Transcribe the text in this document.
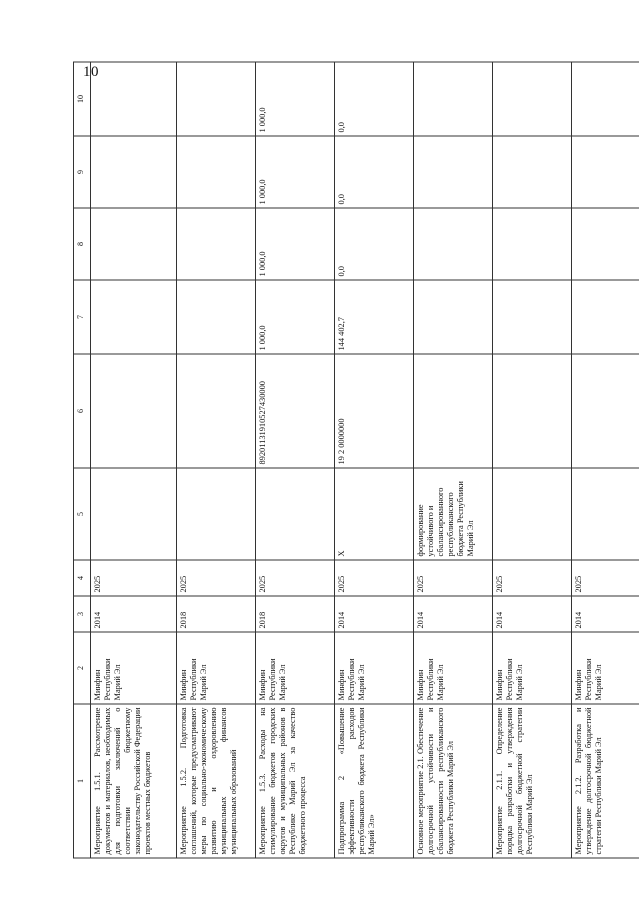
10
1	2	3	4	5	6	7	8	9	10
Мероприятие 1.5.1. Рассмотрение документов и материалов, необходимых для подготовки заключений о соответствии бюджетному законодательству Российской Федерации проектов местных бюджетов	Минфин Республики Марий Эл	2014	2025						
Мероприятие 1.5.2. Подготовка соглашений, которые предусматривают меры по социально-экономическому развитию и оздоровлению муниципальных финансов муниципальных образований	Минфин Республики Марий Эл	2018	2025						
Мероприятие 1.5.3. Расходы на стимулирование бюджетов городских округов и муниципальных районов в Республике Марий Эл за качество бюджетного процесса	Минфин Республики Марий Эл	2018	2025		89201131910527430000	1 000,0	1 000,0	1 000,0	1 000,0
Подпрограмма 2 «Повышение эффективности расходов республиканского бюджета Республики Марий Эл»	Минфин Республики Марий Эл	2014	2025	Х	19 2 0000000	144 402,7	0,0	0,0	0,0
Основное мероприятие 2.1. Обеспечение долгосрочной устойчивости и сбалансированности республиканского бюджета Республики Марий Эл	Минфин Республики Марий Эл	2014	2025	формирование устойчивого и сбалансированного республиканского бюджета Республики Марий Эл					
Мероприятие 2.1.1. Определение порядка разработки и утверждения долгосрочной бюджетной стратегии Республики Марий Эл	Минфин Республики Марий Эл	2014	2025						
Мероприятие 2.1.2. Разработка и утверждение долгосрочной бюджетной стратегии Республики Марий Эл	Минфин Республики Марий Эл	2014	2025						
